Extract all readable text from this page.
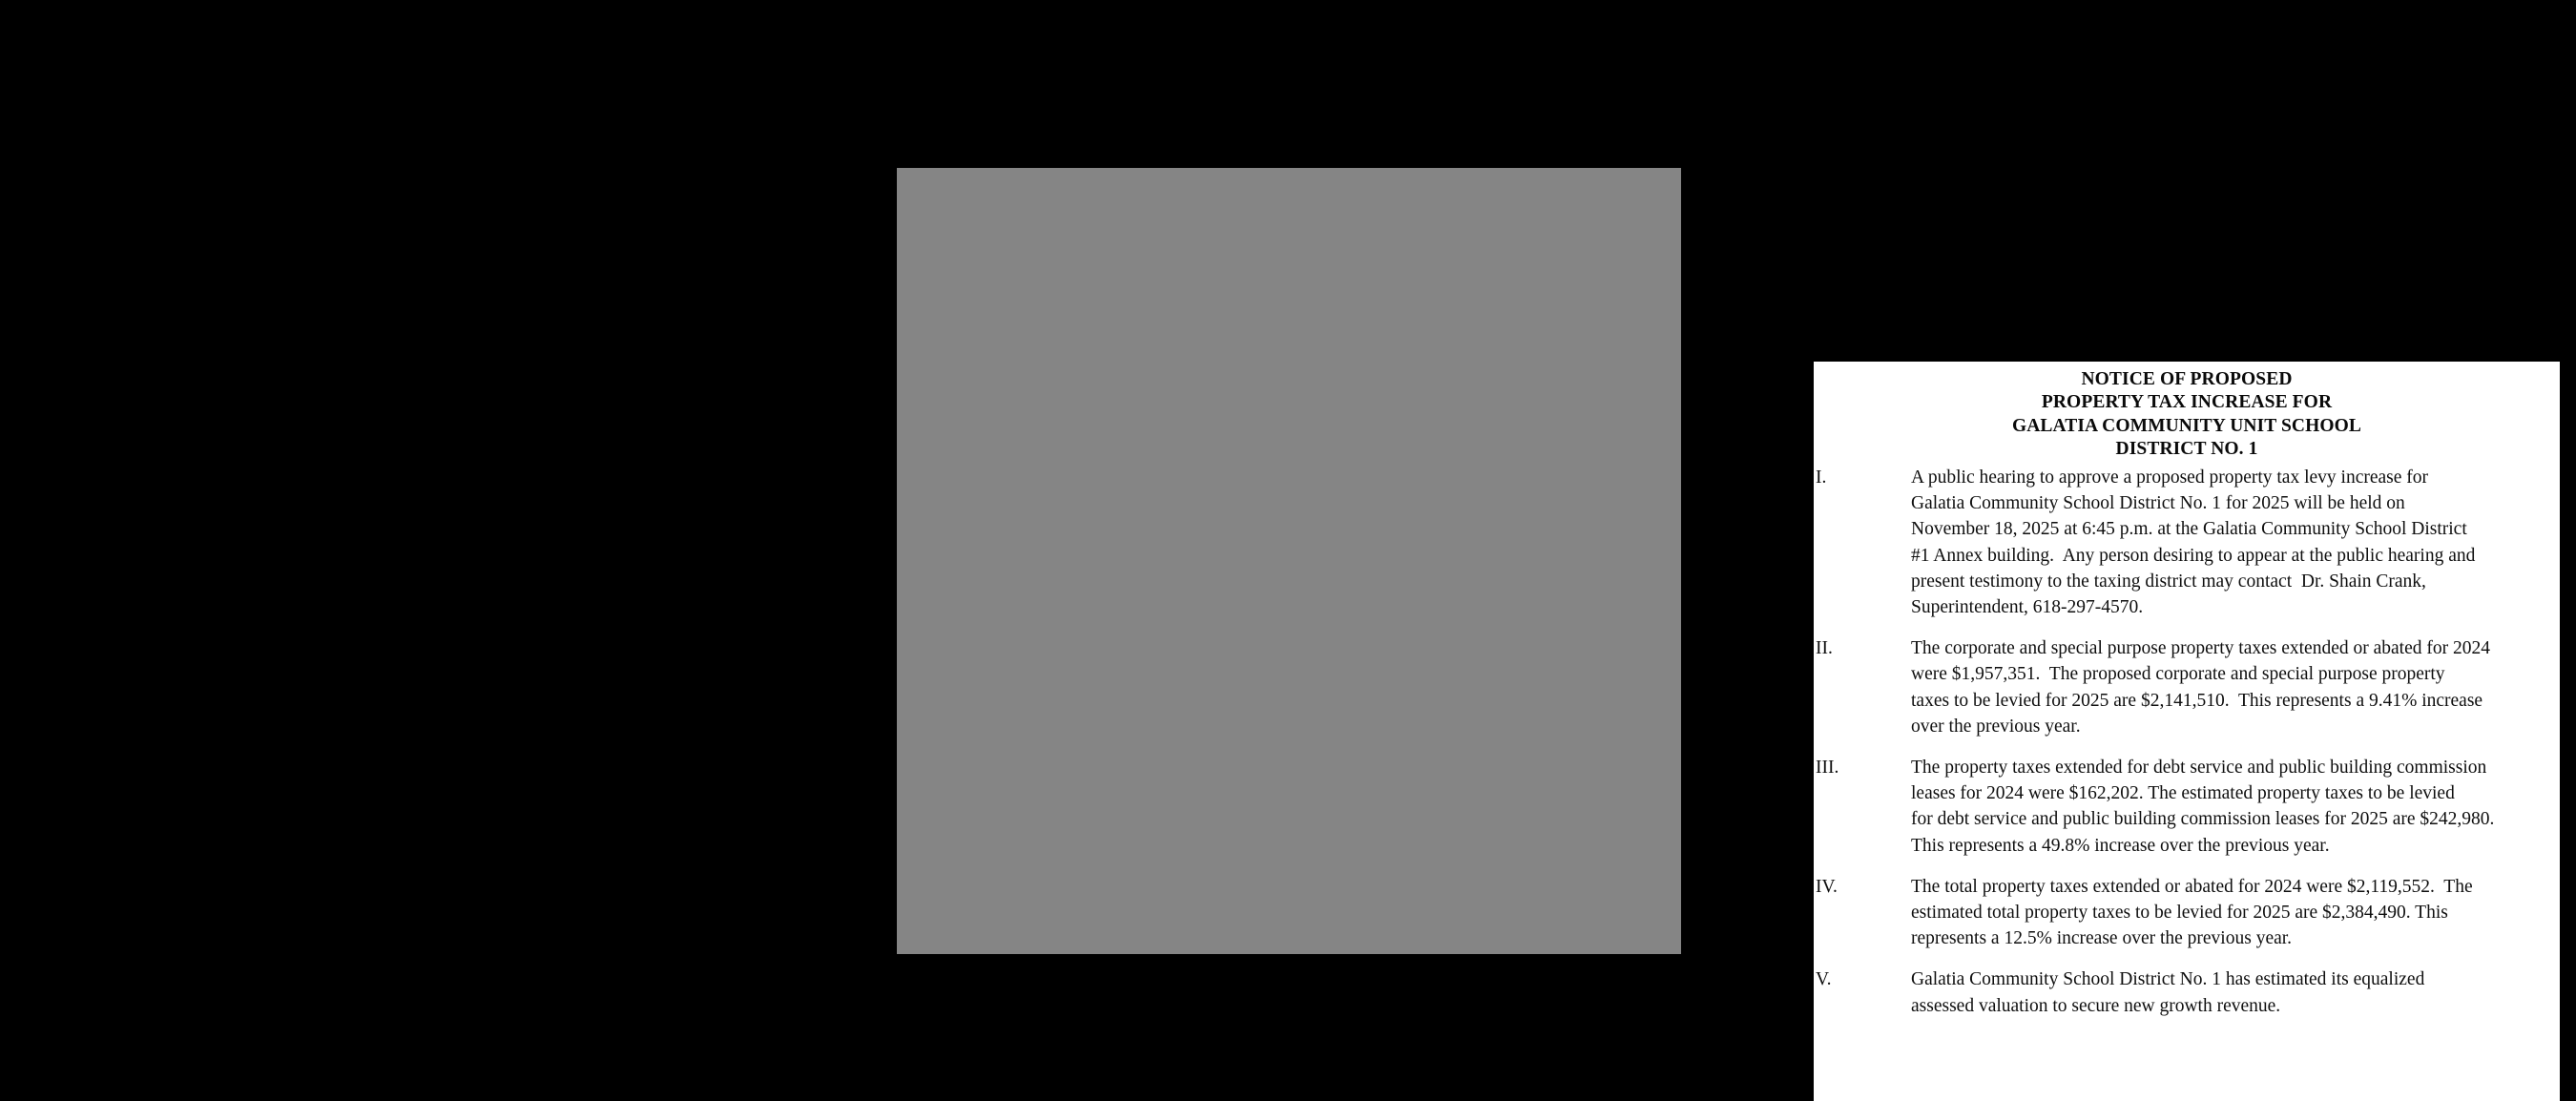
NOTICE OF PROPOSED
PROPERTY TAX INCREASE FOR
GALATIA COMMUNITY UNIT SCHOOL
DISTRICT NO. 1
I.	A public hearing to approve a proposed property tax levy increase for
Galatia Community School District No. 1 for 2025 will be held on
November 18, 2025 at 6:45 p.m. at the Galatia Community School District
#1 Annex building.  Any person desiring to appear at the public hearing and
present testimony to the taxing district may contact  Dr. Shain Crank,
Superintendent, 618-297-4570.
II.	The corporate and special purpose property taxes extended or abated for 2024
were $1,957,351.  The proposed corporate and special purpose property
taxes to be levied for 2025 are $2,141,510.  This represents a 9.41% increase
over the previous year.
III.	The property taxes extended for debt service and public building commission
leases for 2024 were $162,202. The estimated property taxes to be levied
for debt service and public building commission leases for 2025 are $242,980.
This represents a 49.8% increase over the previous year.
IV.	The total property taxes extended or abated for 2024 were $2,119,552.  The
estimated total property taxes to be levied for 2025 are $2,384,490. This
represents a 12.5% increase over the previous year.
V.	Galatia Community School District No. 1 has estimated its equalized
assessed valuation to secure new growth revenue.
